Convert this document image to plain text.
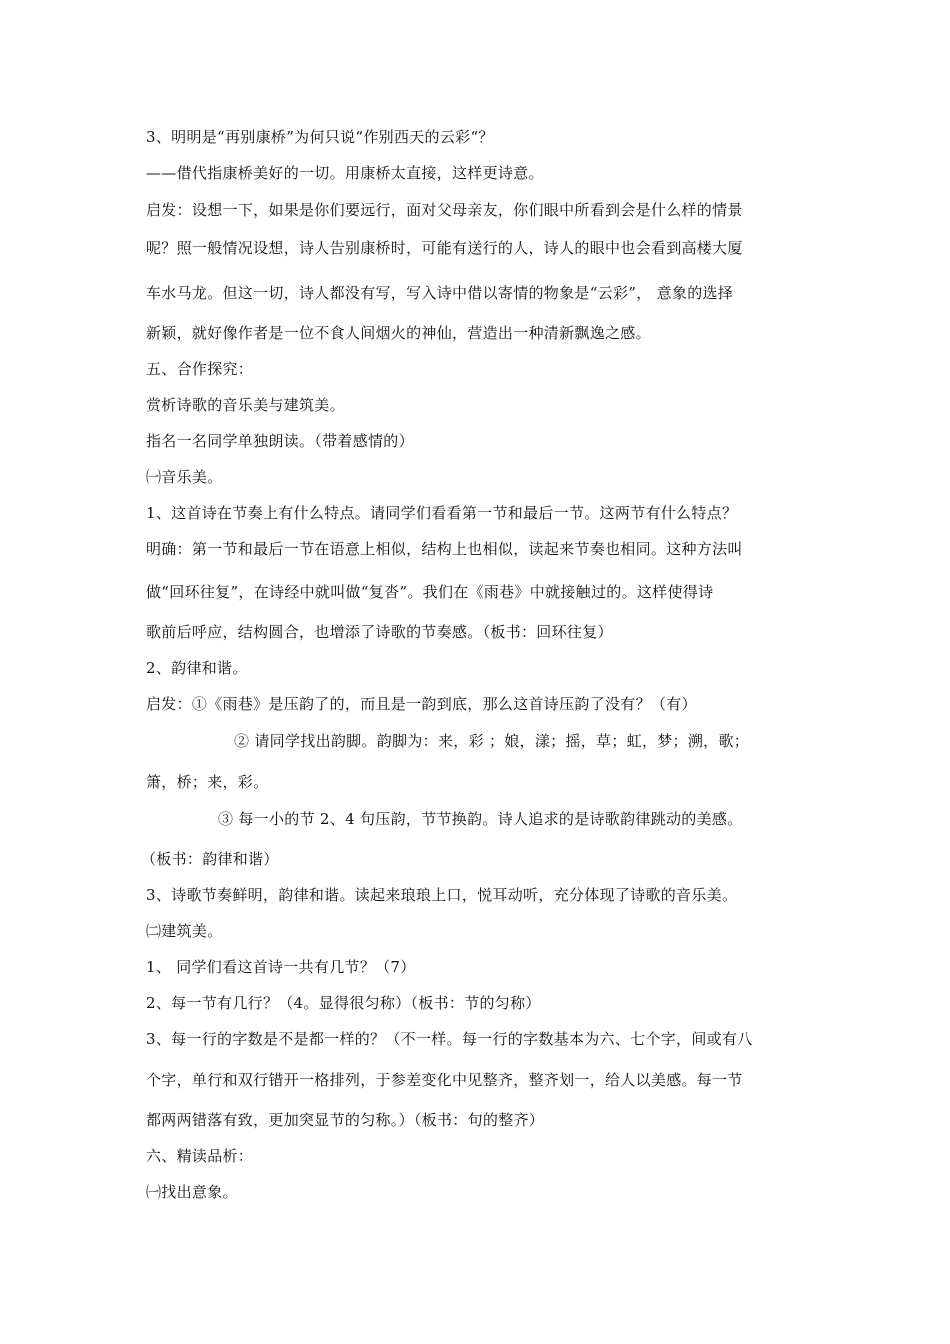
3、明明是“再别康桥”为何只说“作别西天的云彩“？
——借代指康桥美好的一切。用康桥太直接，这样更诗意。
启发：设想一下，如果是你们要远行，面对父母亲友，你们眼中所看到会是什么样的情景
呢？照一般情况设想，诗人告别康桥时，可能有送行的人，诗人的眼中也会看到高楼大厦
车水马龙。但这一切，诗人都没有写，写入诗中借以寄情的物象是“云彩”， 意象的选择
新颖，就好像作者是一位不食人间烟火的神仙，营造出一种清新飘逸之感。
五、合作探究：
赏析诗歌的音乐美与建筑美。
指名一名同学单独朗读。（带着感情的）
㈠音乐美。
1、这首诗在节奏上有什么特点。请同学们看看第一节和最后一节。这两节有什么特点？
明确：第一节和最后一节在语意上相似，结构上也相似，读起来节奏也相同。这种方法叫
做“回环往复”，在诗经中就叫做“复沓”。我们在《雨巷》中就接触过的。这样使得诗
歌前后呼应，结构圆合，也增添了诗歌的节奏感。（板书：回环往复）
2、韵律和谐。
启发：①《雨巷》是压韵了的，而且是一韵到底，那么这首诗压韵了没有？（有）
② 请同学找出韵脚。韵脚为：来，彩 ；娘，漾；摇，草；虹，梦；溯，歌；
箫，桥；来，彩。
③ 每一小的节 2、4 句压韵，节节换韵。诗人追求的是诗歌韵律跳动的美感。
（板书：韵律和谐）
3、诗歌节奏鲜明，韵律和谐。读起来琅琅上口，悦耳动听，充分体现了诗歌的音乐美。
㈡建筑美。
1、 同学们看这首诗一共有几节？（7）
2、每一节有几行？（4。显得很匀称）（板书：节的匀称）
3、每一行的字数是不是都一样的？（不一样。每一行的字数基本为六、七个字，间或有八
个字，单行和双行错开一格排列，于参差变化中见整齐，整齐划一，给人以美感。每一节
都两两错落有致，更加突显节的匀称。）（板书：句的整齐）
六、精读品析：
㈠找出意象。
